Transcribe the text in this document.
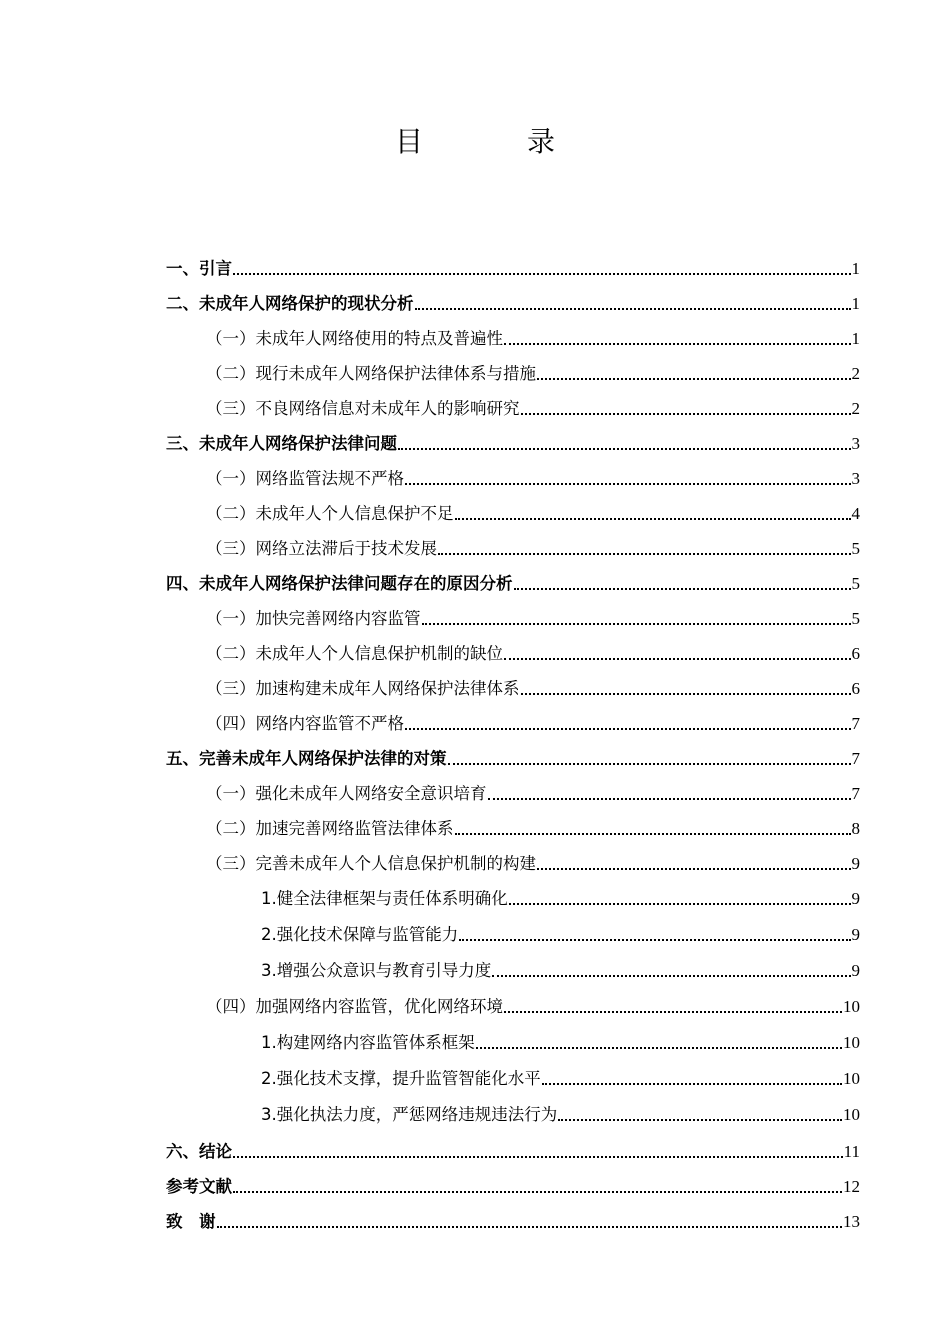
目　录
一、引言	1
二、未成年人网络保护的现状分析	1
（一）未成年人网络使用的特点及普遍性	1
（二）现行未成年人网络保护法律体系与措施	2
（三）不良网络信息对未成年人的影响研究	2
三、未成年人网络保护法律问题	3
（一）网络监管法规不严格	3
（二）未成年人个人信息保护不足	4
（三）网络立法滞后于技术发展	5
四、未成年人网络保护法律问题存在的原因分析	5
（一）加快完善网络内容监管	5
（二）未成年人个人信息保护机制的缺位	6
（三）加速构建未成年人网络保护法律体系	6
（四）网络内容监管不严格	7
五、完善未成年人网络保护法律的对策	7
（一）强化未成年人网络安全意识培育	7
（二）加速完善网络监管法律体系	8
（三）完善未成年人个人信息保护机制的构建	9
1.健全法律框架与责任体系明确化	9
2.强化技术保障与监管能力	9
3.增强公众意识与教育引导力度	9
（四）加强网络内容监管，优化网络环境	10
1.构建网络内容监管体系框架	10
2.强化技术支撑，提升监管智能化水平	10
3.强化执法力度，严惩网络违规违法行为	10
六、结论	11
参考文献	12
致　谢	13
